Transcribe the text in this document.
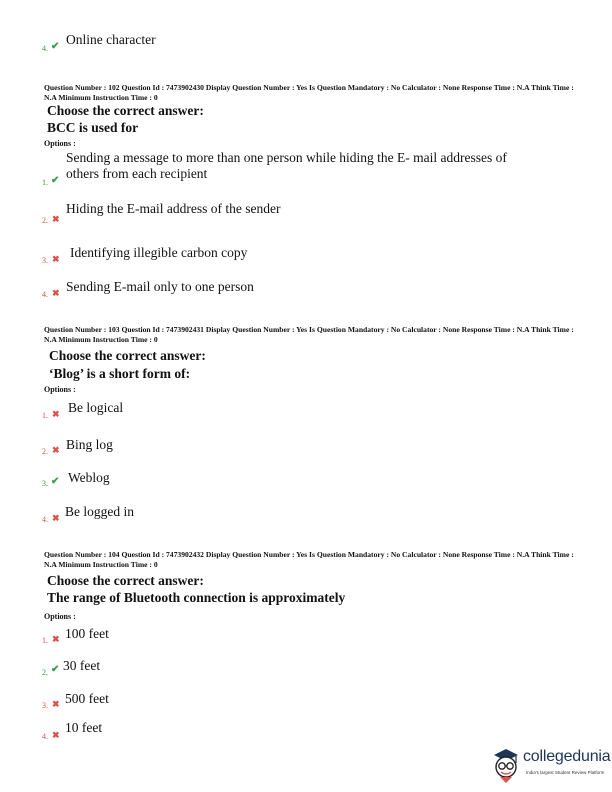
4. ✔ Online character
Question Number : 102 Question Id : 7473902430 Display Question Number : Yes Is Question Mandatory : No Calculator : None Response Time : N.A Think Time : N.A Minimum Instruction Time : 0
Choose the correct answer:
BCC is used for
Options :
Sending a message to more than one person while hiding the E- mail addresses of
1. ✔ others from each recipient
2. ✖
Hiding the E-mail address of the sender
3. ✖ Identifying illegible carbon copy
4. ✖ Sending E-mail only to one person
Question Number : 103 Question Id : 7473902431 Display Question Number : Yes Is Question Mandatory : No Calculator : None Response Time : N.A Think Time : N.A Minimum Instruction Time : 0
Choose the correct answer:
‘Blog’ is a short form of:
Options :
1. ✖ Be logical
2. ✖ Bing log
3. ✔ Weblog
4. ✖ Be logged in
Question Number : 104 Question Id : 7473902432 Display Question Number : Yes Is Question Mandatory : No Calculator : None Response Time : N.A Think Time : N.A Minimum Instruction Time : 0
Choose the correct answer:
The range of Bluetooth connection is approximately
Options :
1. ✖ 100 feet
2. ✔ 30 feet
3. ✖ 500 feet
4. ✖ 10 feet
collegedunia
India's largest Student Review Platform
